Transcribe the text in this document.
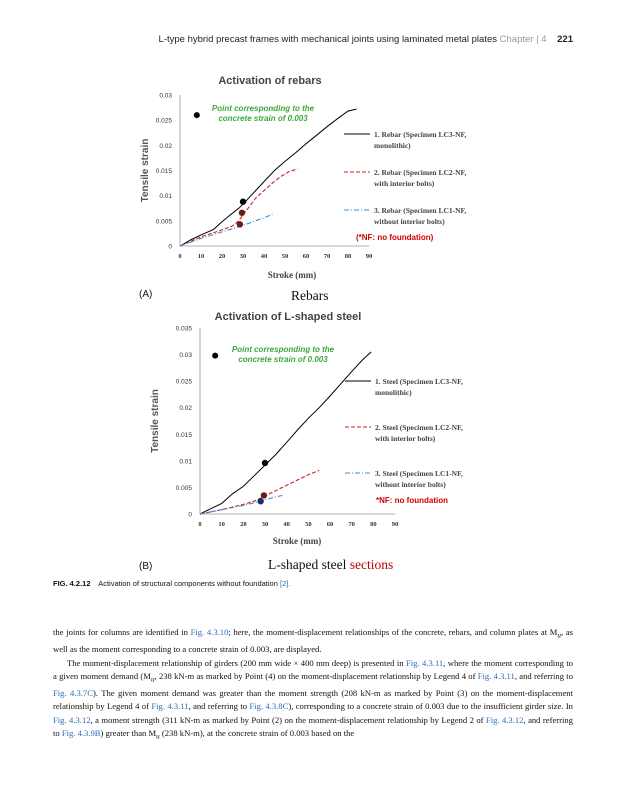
L-type hybrid precast frames with mechanical joints using laminated metal plates Chapter | 4 221
Activation of rebars
0 10 20 30 40 50 60 70 80 90
0
0.005
0.01
0.015
0.02
0.025
0.03
Stroke (mm)
Tensile strain
1. Rebar (Specimen LC3-NF,
monolithic)
2. Rebar (Specimen LC2-NF,
with interior bolts)
3. Rebar (Specimen LC1-NF,
without interior bolts)
Point corresponding to the
concrete strain of 0.003
(*NF: no foundation)
(A)	Rebars
Activation of L-shaped steel
0	10 20 30 40 50 60 70 80 90
0
0.005
0.01
0.015
0.02
0.025
0.03
0.035
Stroke (mm)
Tensile strain
1. Steel (Specimen LC3-NF,
monolithic)
2. Steel (Specimen LC2-NF,
with interior bolts)
3. Steel (Specimen LC1-NF,
without interior bolts)
Point corresponding to the
concrete strain of 0.003
*NF: no foundation
(B)	L-shaped steel sections
FIG. 4.2.12 Activation of structural components without foundation [2].

the joints for columns are identified in Fig. 4.3.10; here, the moment-displacement relationships of the concrete, rebars, and column plates at $M_u$, as well as the moment corresponding to a concrete strain of 0.003, are displayed.

The moment-displacement relationship of girders (200 mm wide × 400 mm deep) is presented in Fig. 4.3.11, where the moment corresponding to a given moment demand ($M_u$, 238 kN-m as marked by Point (4) on the moment-displacement relationship by Legend 4 of Fig. 4.3.11, and referring to Fig. 4.3.7C). The given moment demand was greater than the moment strength (208 kN-m as marked by Point (3) on the moment-displacement relationship by Legend 4 of Fig. 4.3.11, and referring to Fig. 4.3.8C), corresponding to a concrete strain of 0.003 due to the insufficient girder size. In Fig. 4.3.12, a moment strength (311 kN-m as marked by Point (2) on the moment-displacement relationship by Legend 2 of Fig. 4.3.12, and referring to Fig. 4.3.9B) greater than $M_u$ (238 kN-m), at the concrete strain of 0.003 based on the
